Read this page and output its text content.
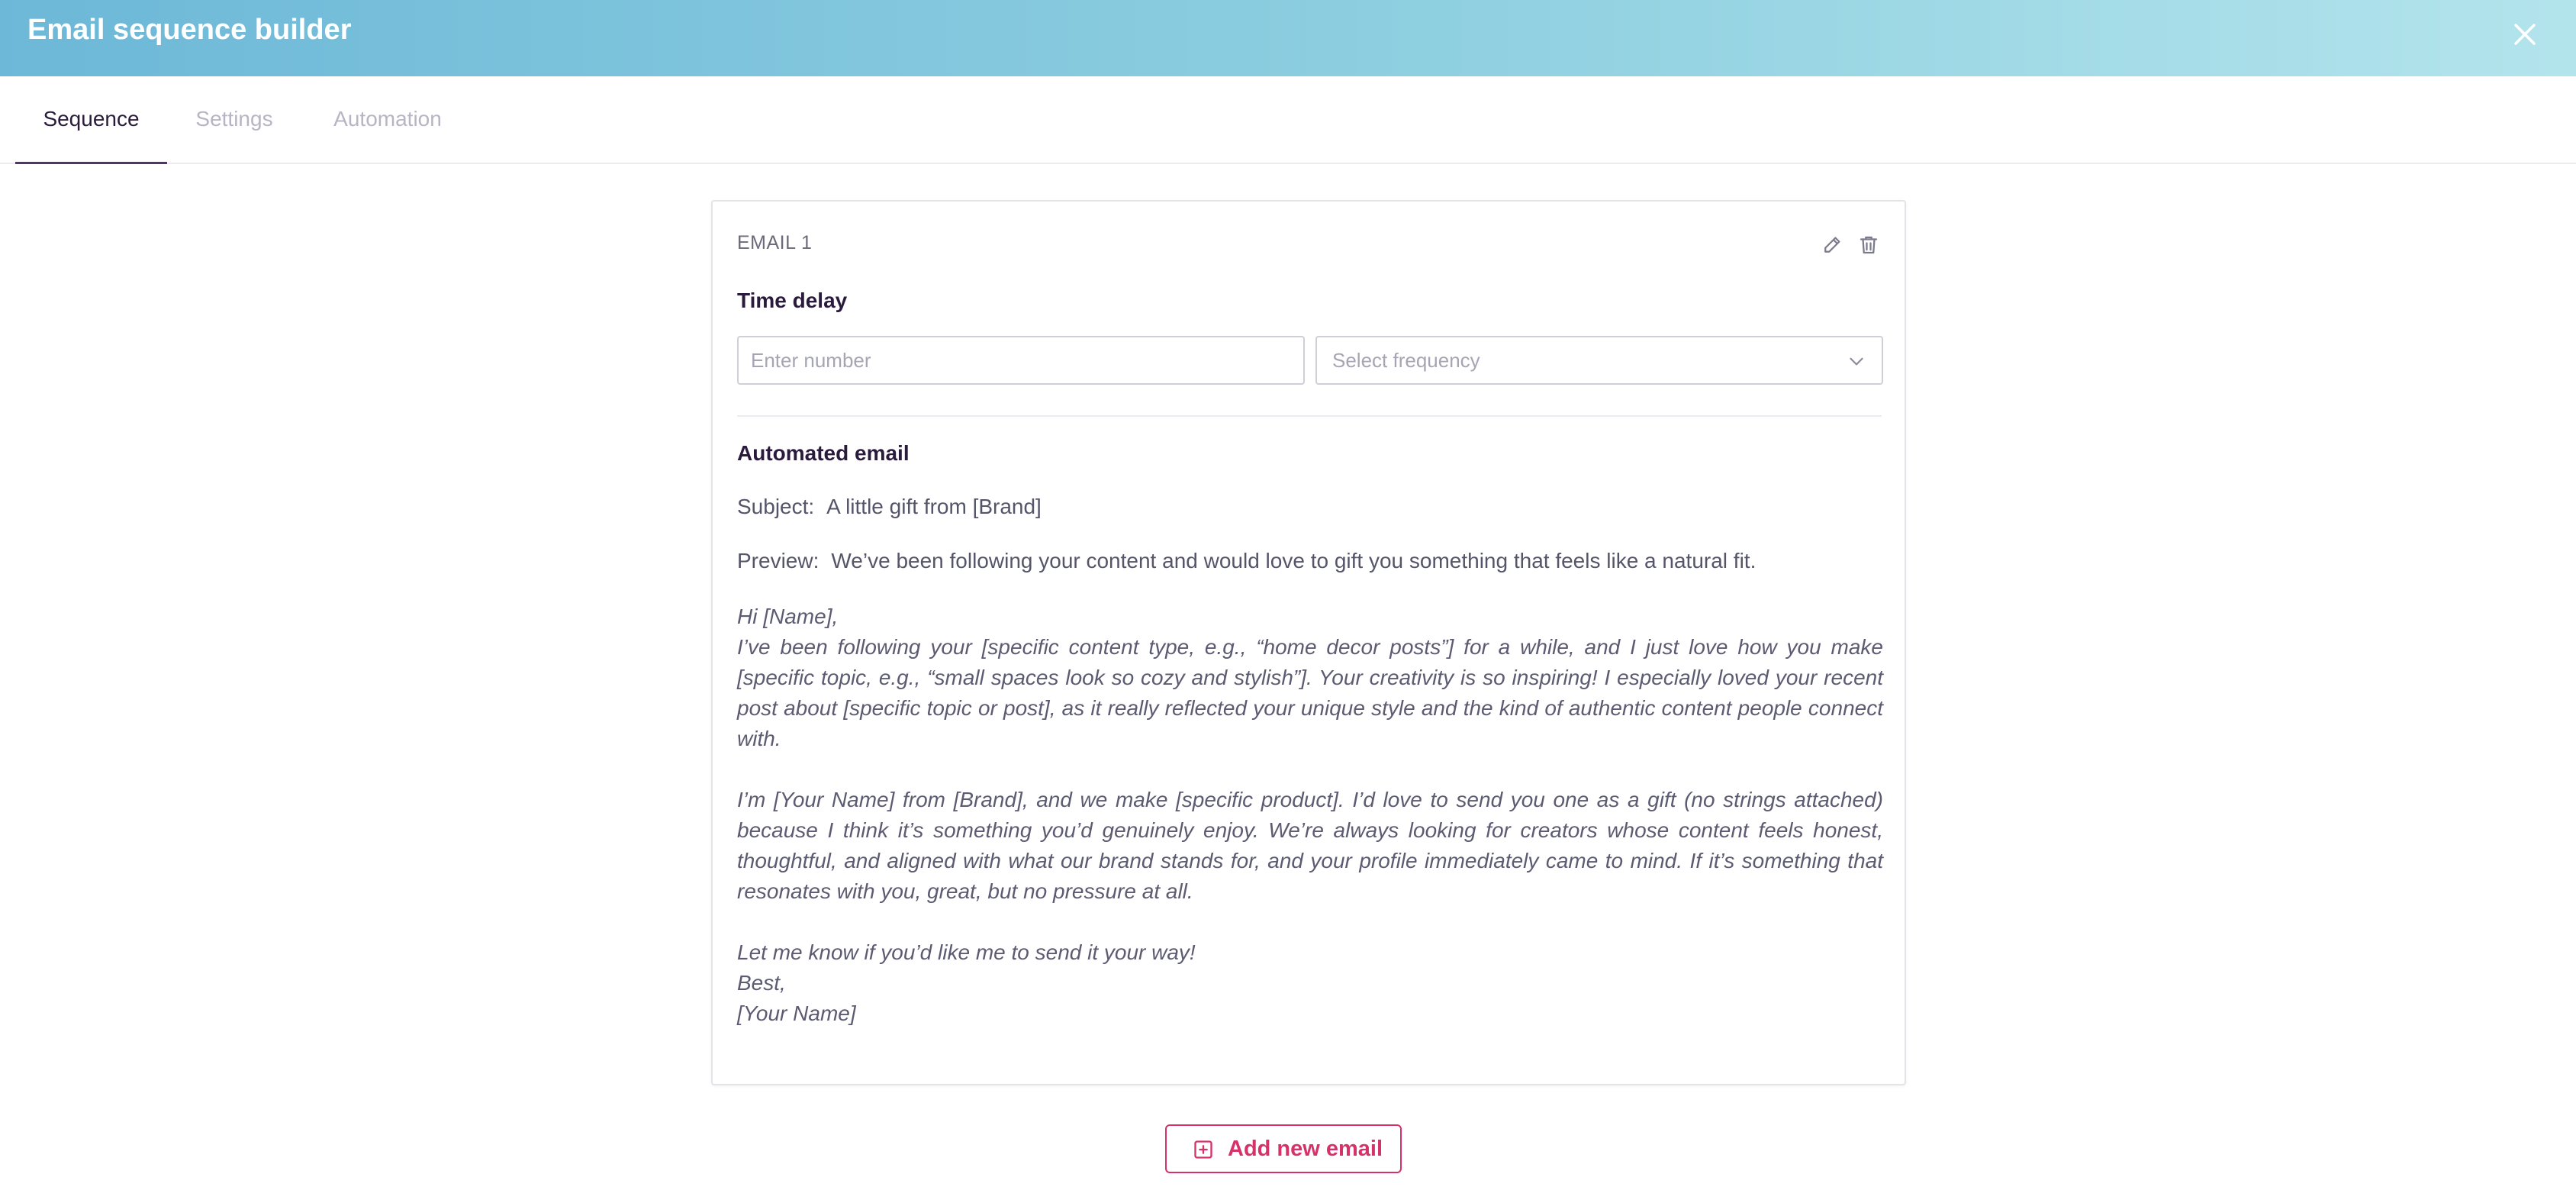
Email sequence builder
Sequence	Settings	Automation
EMAIL 1
Time delay
Enter number
Select frequency
Automated email
Subject: A little gift from [Brand]
Preview: We’ve been following your content and would love to gift you something that feels like a natural fit.

Hi [Name],

I’ve been following your [specific content type, e.g., “home decor posts”] for a while, and I just love how you make [specific topic, e.g., “small spaces look so cozy and stylish”]. Your creativity is so inspiring! I especially loved your recent post about [specific topic or post], as it really reflected your unique style and the kind of authentic content people connect with.

I’m [Your Name] from [Brand], and we make [specific product]. I’d love to send you one as a gift (no strings attached) because I think it’s something you’d genuinely enjoy. We’re always looking for creators whose content feels honest, thoughtful, and aligned with what our brand stands for, and your profile immediately came to mind. If it’s something that resonates with you, great, but no pressure at all.

Let me know if you’d like me to send it your way!

Best,

[Your Name]

Add new email
